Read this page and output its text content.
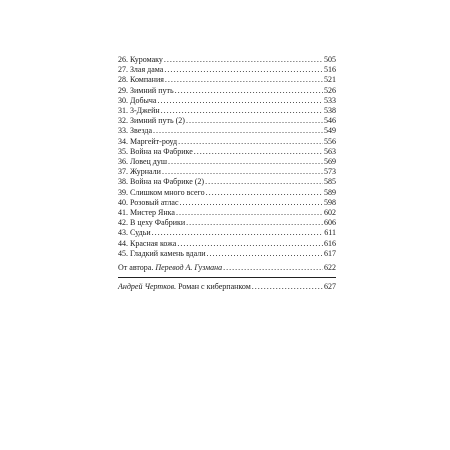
26. Куромаку .....	505
27. Злая дама .....	516
28. Компания .....	521
29. Зимний путь .....	526
30. Добыча .....	533
31. 3-Джейн .....	538
32. Зимний путь (2) .....	546
33. Звезда .....	549
34. Маргейт-роуд .....	556
35. Война на Фабрике .....	563
36. Ловец душ .....	569
37. Журнали .....	573
38. Война на Фабрике (2) .....	585
39. Слишком много всего .....	589
40. Розовый атлас .....	598
41. Мистер Янка .....	602
42. В цеху Фабрики .....	606
43. Судьи .....	611
44. Красная кожа .....	616
45. Гладкий камень вдали .....	617
От автора. Перевод А. Гузмана .....	622
Андрей Чертков. Роман с киберпанком .....	627
